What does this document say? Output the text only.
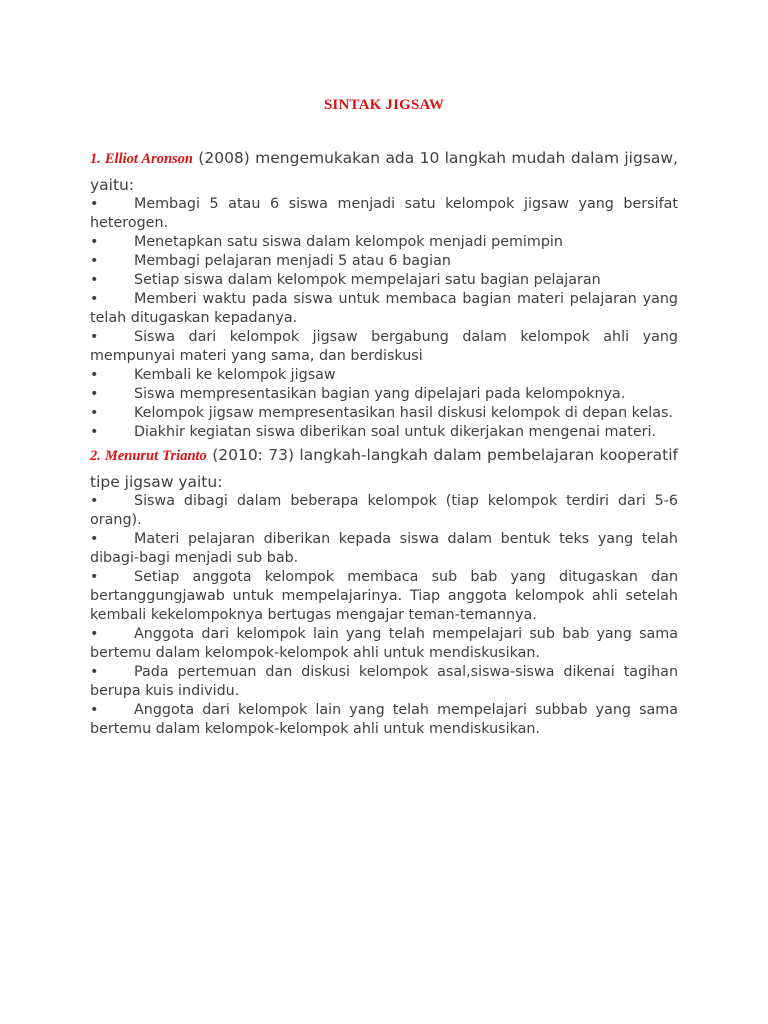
SINTAK JIGSAW

1. Elliot Aronson (2008) mengemukakan ada 10 langkah mudah dalam jigsaw, yaitu:

• Membagi 5 atau 6 siswa menjadi satu kelompok jigsaw yang bersifat heterogen.
• Menetapkan satu siswa dalam kelompok menjadi pemimpin
• Membagi pelajaran menjadi 5 atau 6 bagian
• Setiap siswa dalam kelompok mempelajari satu bagian pelajaran
• Memberi waktu pada siswa untuk membaca bagian materi pelajaran yang telah ditugaskan kepadanya.
• Siswa dari kelompok jigsaw bergabung dalam kelompok ahli yang mempunyai materi yang sama, dan berdiskusi
• Kembali ke kelompok jigsaw
• Siswa mempresentasikan bagian yang dipelajari pada kelompoknya.
• Kelompok jigsaw mempresentasikan hasil diskusi kelompok di depan kelas.
• Diakhir kegiatan siswa diberikan soal untuk dikerjakan mengenai materi.

2. Menurut Trianto (2010: 73) langkah-langkah dalam pembelajaran kooperatif tipe jigsaw yaitu:

• Siswa dibagi dalam beberapa kelompok (tiap kelompok terdiri dari 5-6 orang).
• Materi pelajaran diberikan kepada siswa dalam bentuk teks yang telah dibagi-bagi menjadi sub bab.
• Setiap anggota kelompok membaca sub bab yang ditugaskan dan bertanggungjawab untuk mempelajarinya. Tiap anggota kelompok ahli setelah kembali kekelompoknya bertugas mengajar teman-temannya.
• Anggota dari kelompok lain yang telah mempelajari sub bab yang sama bertemu dalam kelompok-kelompok ahli untuk mendiskusikan.
• Pada pertemuan dan diskusi kelompok asal,siswa-siswa dikenai tagihan berupa kuis individu.
• Anggota dari kelompok lain yang telah mempelajari subbab yang sama bertemu dalam kelompok-kelompok ahli untuk mendiskusikan.
